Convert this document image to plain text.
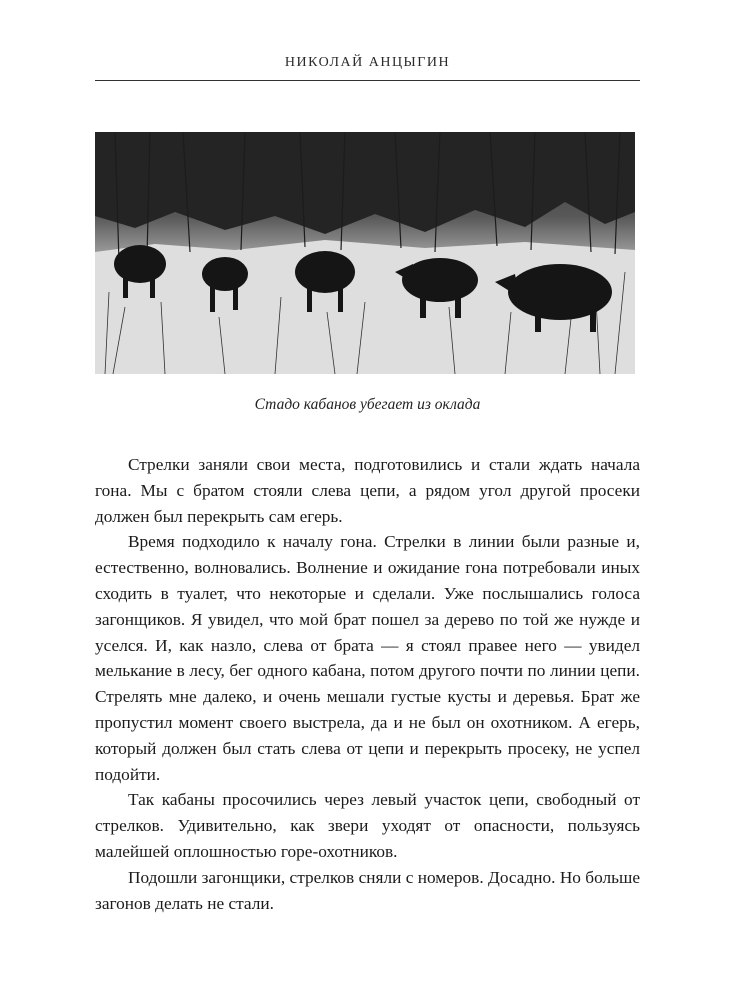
НИКОЛАЙ АНЦЫГИН
Стадо кабанов убегает из оклада

Стрелки заняли свои места, подготовились и стали ждать начала гона. Мы с братом стояли слева цепи, а рядом угол другой просеки должен был перекрыть сам егерь.

Время подходило к началу гона. Стрелки в линии были разные и, естественно, волновались. Волнение и ожидание гона потребовали иных сходить в туалет, что некоторые и сделали. Уже послышались голоса загонщиков. Я увидел, что мой брат пошел за дерево по той же нужде и уселся. И, как назло, слева от брата — я стоял правее него — увидел мелькание в лесу, бег одного кабана, потом другого почти по линии цепи. Стрелять мне далеко, и очень мешали густые кусты и деревья. Брат же пропустил момент своего выстрела, да и не был он охотником. А егерь, который должен был стать слева от цепи и перекрыть просеку, не успел подойти.

Так кабаны просочились через левый участок цепи, свободный от стрелков. Удивительно, как звери уходят от опасности, пользуясь малейшей оплошностью горе-охотников.

Подошли загонщики, стрелков сняли с номеров. Досадно. Но больше загонов делать не стали.
